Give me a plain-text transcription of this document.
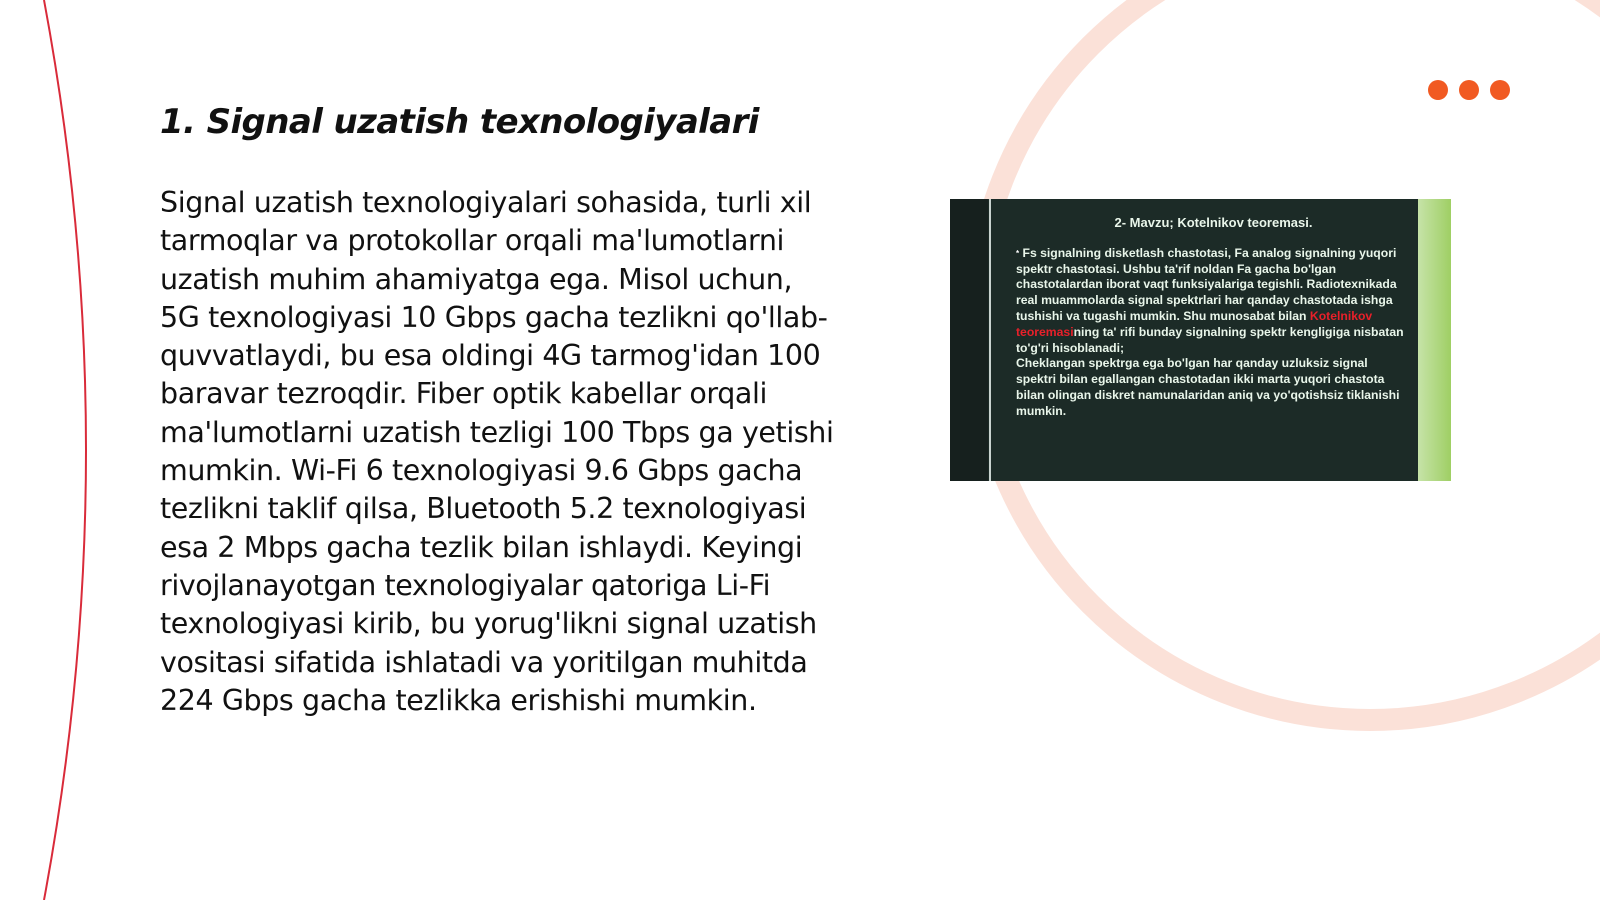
1. Signal uzatish texnologiyalari

Signal uzatish texnologiyalari sohasida, turli xil tarmoqlar va protokollar orqali ma'lumotlarni uzatish muhim ahamiyatga ega. Misol uchun, 5G texnologiyasi 10 Gbps gacha tezlikni qo'llab-quvvatlaydi, bu esa oldingi 4G tarmog'idan 100 baravar tezroqdir. Fiber optik kabellar orqali ma'lumotlarni uzatish tezligi 100 Tbps ga yetishi mumkin. Wi-Fi 6 texnologiyasi 9.6 Gbps gacha tezlikni taklif qilsa, Bluetooth 5.2 texnologiyasi esa 2 Mbps gacha tezlik bilan ishlaydi. Keyingi rivojlanayotgan texnologiyalar qatoriga Li-Fi texnologiyasi kirib, bu yorug'likni signal uzatish vositasi sifatida ishlatadi va yoritilgan muhitda 224 Gbps gacha tezlikka erishishi mumkin.

2- Mavzu; Kotelnikov teoremasi.

* Fs signalning disketlash chastotasi, Fa analog signalning yuqori spektr chastotasi. Ushbu ta'rif noldan Fa gacha bo'lgan chastotalardan iborat vaqt funksiyalariga tegishli. Radiotexnikada real muammolarda signal spektrlari har qanday chastotada ishga tushishi va tugashi mumkin. Shu munosabat bilan Kotelnikov teoremasining ta' rifi bunday signalning spektr kengligiga nisbatan to'g'ri hisoblanadi;

Cheklangan spektrga ega bo'lgan har qanday uzluksiz signal spektri bilan egallangan chastotadan ikki marta yuqori chastota bilan olingan diskret namunalaridan aniq va yo'qotishsiz tiklanishi mumkin.
